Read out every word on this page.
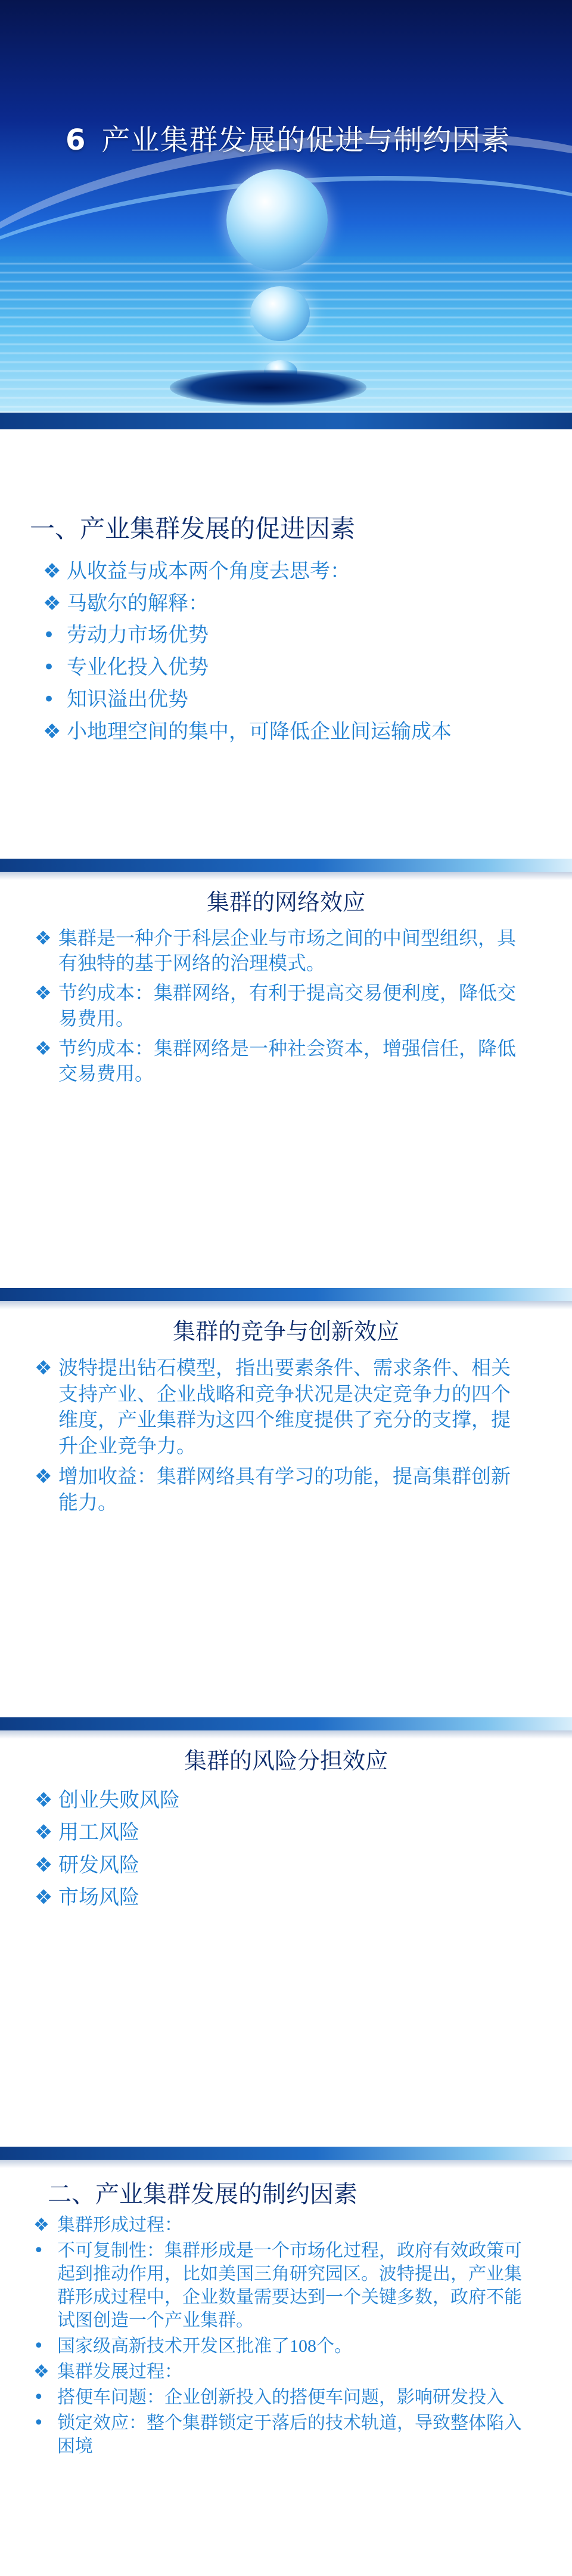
6 产业集群发展的促进与制约因素
一、产业集群发展的促进因素
❖ 从收益与成本两个角度去思考：
❖ 马歇尔的解释：
• 劳动力市场优势
• 专业化投入优势
• 知识溢出优势
❖ 小地理空间的集中，可降低企业间运输成本
集群的网络效应
❖ 集群是一种介于科层企业与市场之间的中间型组织，具有独特的基于网络的治理模式。
❖ 节约成本：集群网络，有利于提高交易便利度，降低交易费用。
❖ 节约成本：集群网络是一种社会资本，增强信任，降低交易费用。
集群的竞争与创新效应
❖ 波特提出钻石模型，指出要素条件、需求条件、相关支持产业、企业战略和竞争状况是决定竞争力的四个维度，产业集群为这四个维度提供了充分的支撑，提升企业竞争力。
❖ 增加收益：集群网络具有学习的功能，提高集群创新能力。
集群的风险分担效应
❖ 创业失败风险
❖ 用工风险
❖ 研发风险
❖ 市场风险
二、产业集群发展的制约因素
❖ 集群形成过程：
• 不可复制性：集群形成是一个市场化过程，政府有效政策可起到推动作用，比如美国三角研究园区。波特提出，产业集群形成过程中，企业数量需要达到一个关键多数，政府不能试图创造一个产业集群。
• 国家级高新技术开发区批准了108个。
❖ 集群发展过程：
• 搭便车问题：企业创新投入的搭便车问题，影响研发投入
• 锁定效应：整个集群锁定于落后的技术轨道，导致整体陷入困境
